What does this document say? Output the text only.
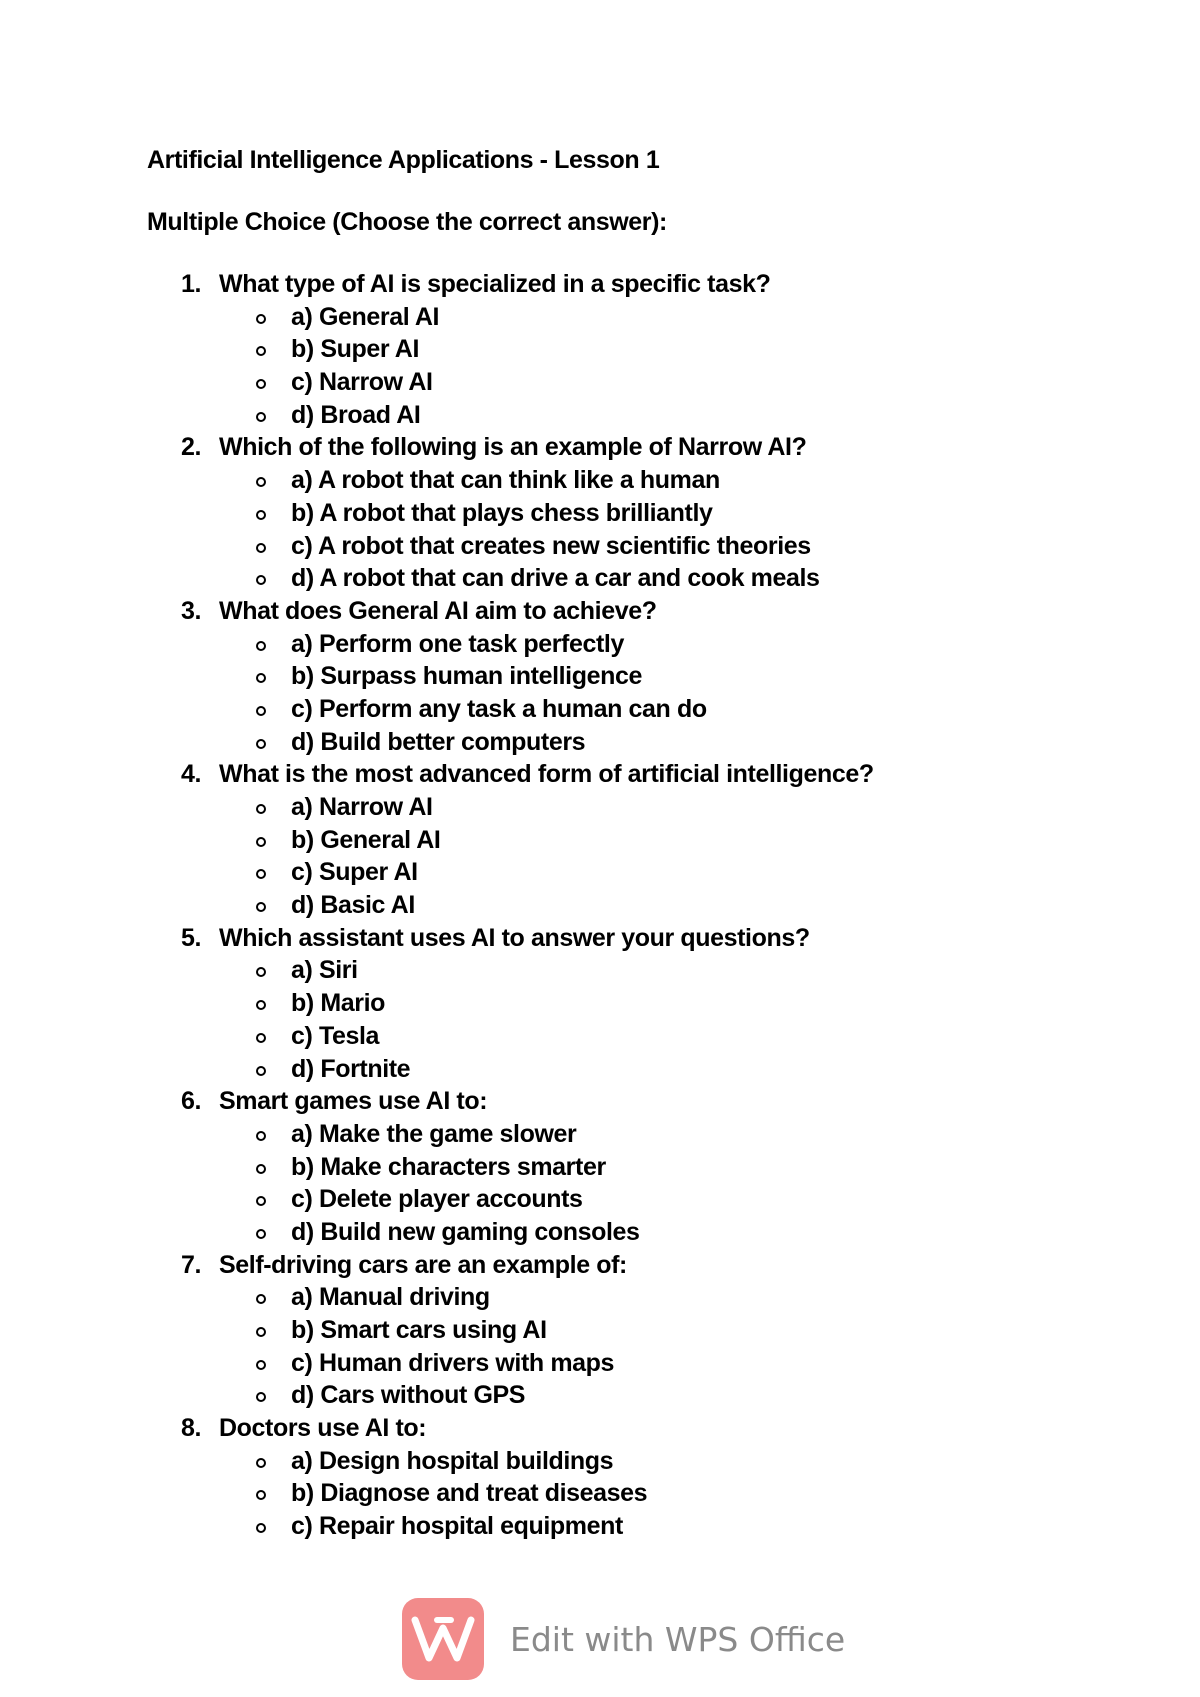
Artificial Intelligence Applications - Lesson 1
Multiple Choice (Choose the correct answer):
1. What type of AI is specialized in a specific task?
a) General AI
b) Super AI
c) Narrow AI
d) Broad AI
2. Which of the following is an example of Narrow AI?
a) A robot that can think like a human
b) A robot that plays chess brilliantly
c) A robot that creates new scientific theories
d) A robot that can drive a car and cook meals
3. What does General AI aim to achieve?
a) Perform one task perfectly
b) Surpass human intelligence
c) Perform any task a human can do
d) Build better computers
4. What is the most advanced form of artificial intelligence?
a) Narrow AI
b) General AI
c) Super AI
d) Basic AI
5. Which assistant uses AI to answer your questions?
a) Siri
b) Mario
c) Tesla
d) Fortnite
6. Smart games use AI to:
a) Make the game slower
b) Make characters smarter
c) Delete player accounts
d) Build new gaming consoles
7. Self-driving cars are an example of:
a) Manual driving
b) Smart cars using AI
c) Human drivers with maps
d) Cars without GPS
8. Doctors use AI to:
a) Design hospital buildings
b) Diagnose and treat diseases
c) Repair hospital equipment
Edit with WPS Office
